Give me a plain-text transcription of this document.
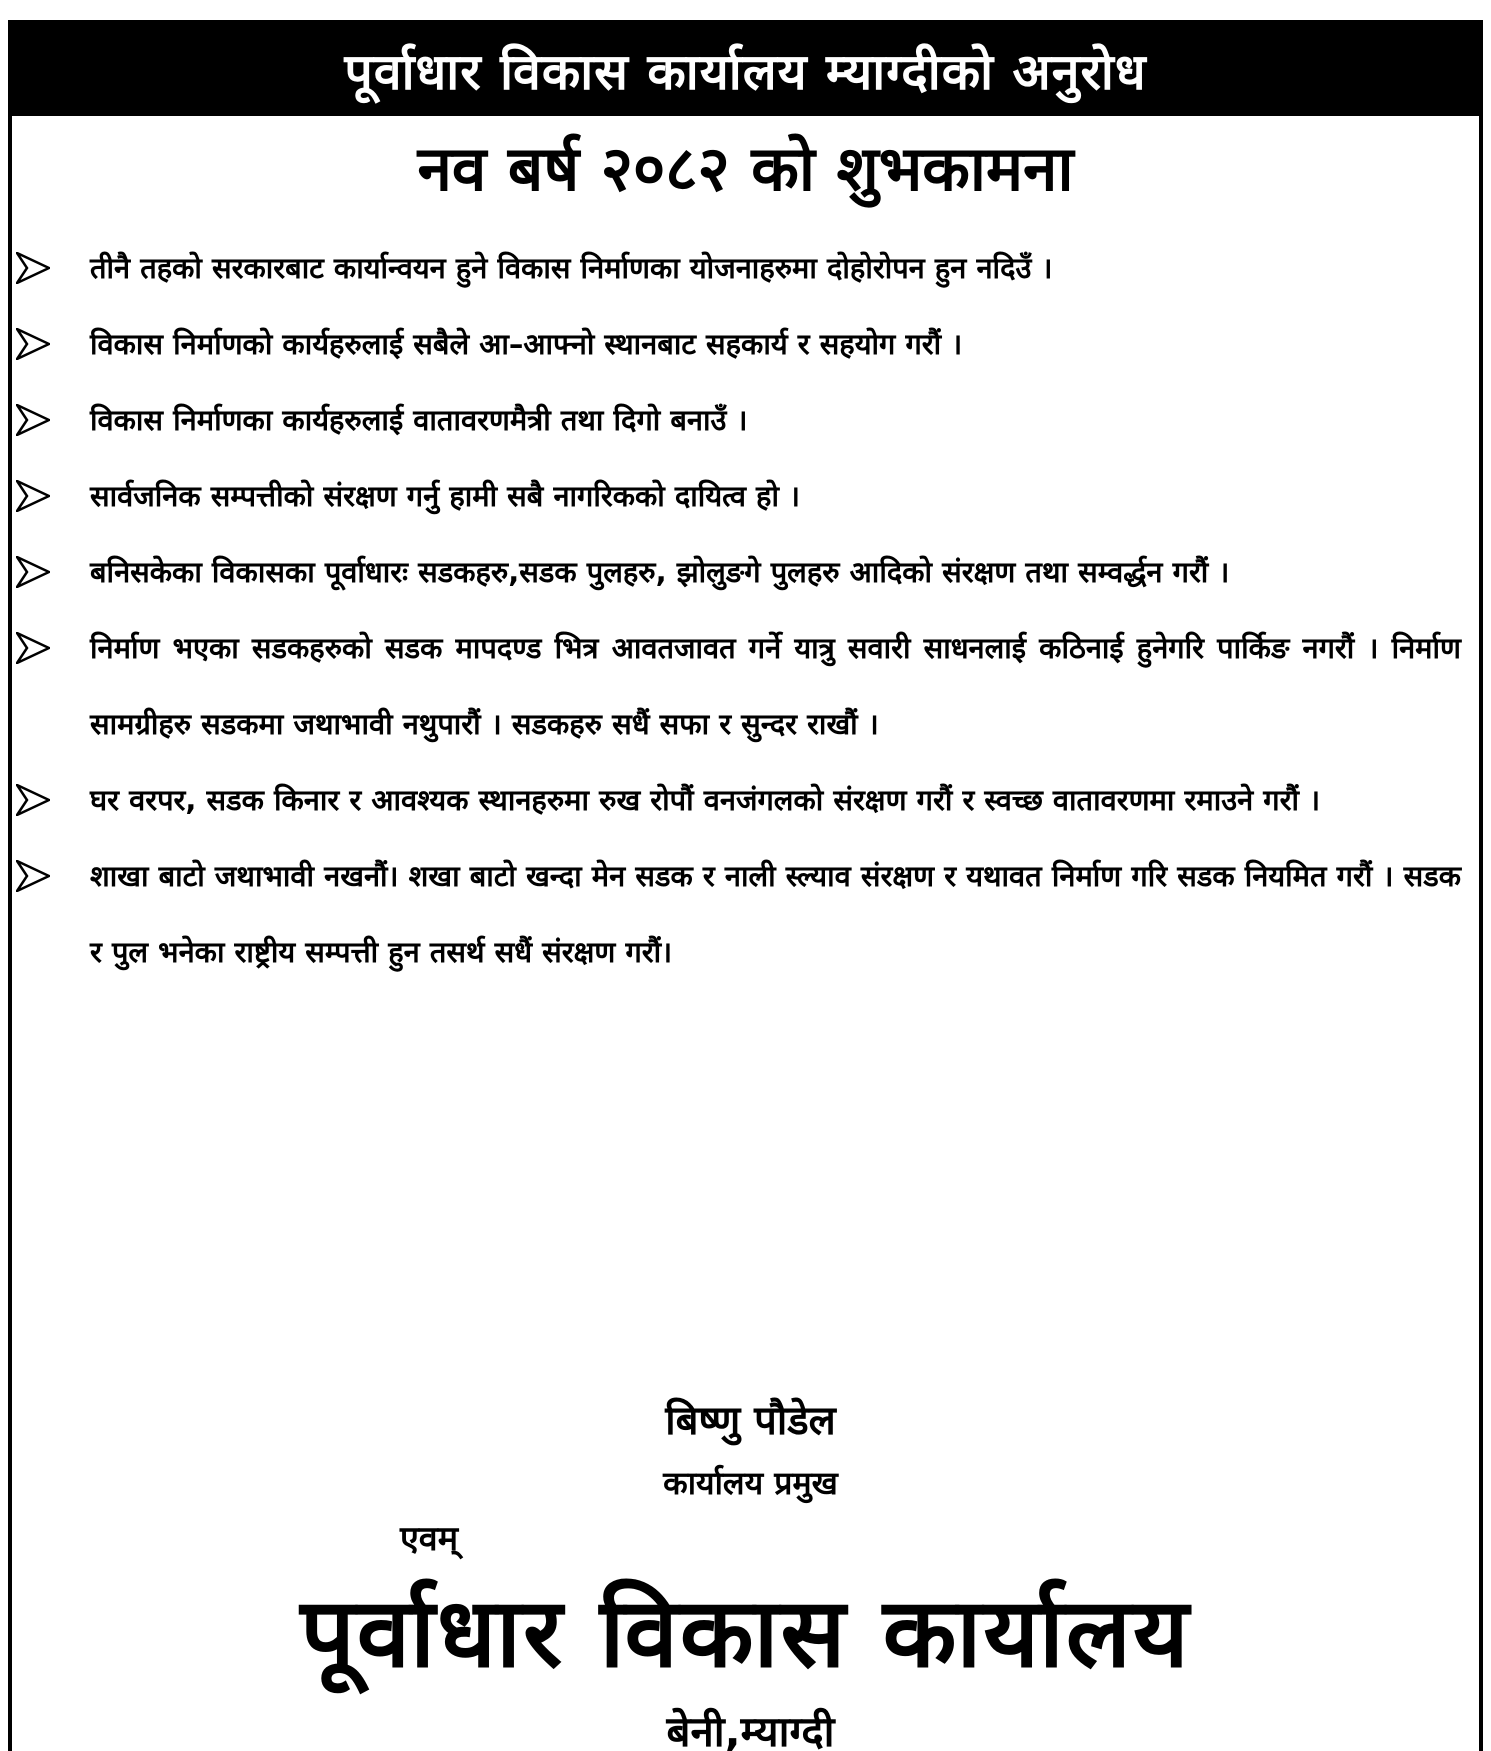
पूर्वाधार विकास कार्यालय म्याग्दीको अनुरोध
नव बर्ष २०८२ को शुभकामना
तीनै तहको सरकारबाट कार्यान्वयन हुने विकास निर्माणका योजनाहरुमा दोहोरोपन हुन नदिउँ ।
विकास निर्माणको कार्यहरुलाई सबैले आ–आफ्नो स्थानबाट सहकार्य र सहयोग गरौं ।
विकास निर्माणका कार्यहरुलाई वातावरणमैत्री तथा दिगो बनाउँ ।
सार्वजनिक सम्पत्तीको संरक्षण गर्नु हामी सबै नागरिकको दायित्व हो ।
बनिसकेका विकासका पूर्वाधारः सडकहरु,सडक पुलहरु, झोलुङगे पुलहरु आदिको संरक्षण तथा सम्वर्द्धन गरौं ।
निर्माण भएका सडकहरुको सडक मापदण्ड भित्र आवतजावत गर्ने यात्रु सवारी साधनलाई कठिनाई हुनेगरि पार्किङ नगरौं । निर्माण सामग्रीहरु सडकमा जथाभावी नथुपारौं । सडकहरु सधैं सफा र सुन्दर राखौं ।
घर वरपर, सडक किनार र आवश्यक स्थानहरुमा रुख रोपौं वनजंगलको संरक्षण गरौं र स्वच्छ वातावरणमा रमाउने गरौं ।
शाखा बाटो जथाभावी नखनौं। शखा बाटो खन्दा मेन सडक र नाली स्ल्याव संरक्षण र यथावत निर्माण गरि सडक नियमित गरौं । सडक र पुल भनेका राष्ट्रीय सम्पत्ती हुन तसर्थ सधैं संरक्षण गरौं।
बिष्णु पौडेल
कार्यालय प्रमुख
एवम्
पूर्वाधार विकास कार्यालय
बेनी,म्याग्दी
